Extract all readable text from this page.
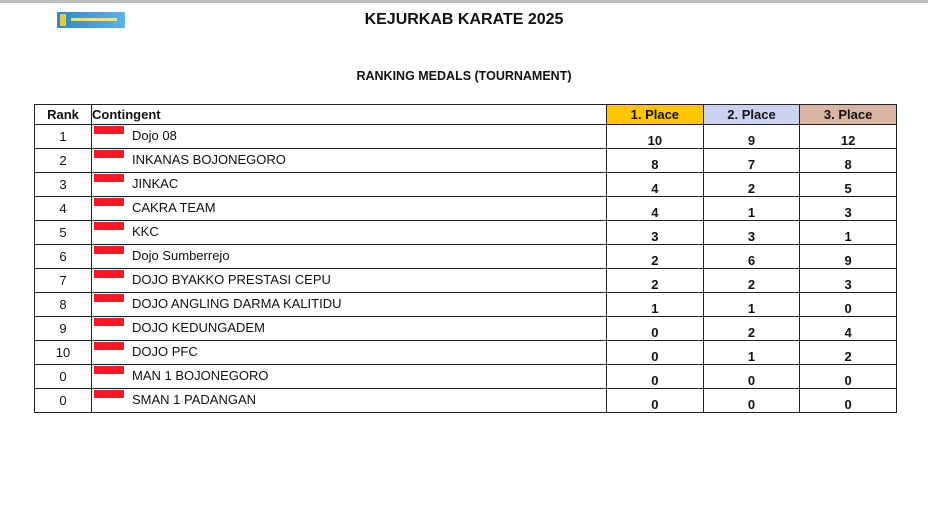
KEJURKAB KARATE 2025
RANKING MEDALS (TOURNAMENT)
Rank	Contingent	1. Place	2. Place	3. Place
1	Dojo 08	10	9	12
2	INKANAS BOJONEGORO	8	7	8
3	JINKAC	4	2	5
4	CAKRA TEAM	4	1	3
5	KKC	3	3	1
6	Dojo Sumberrejo	2	6	9
7	DOJO BYAKKO PRESTASI CEPU	2	2	3
8	DOJO ANGLING DARMA KALITIDU	1	1	0
9	DOJO KEDUNGADEM	0	2	4
10	DOJO PFC	0	1	2
0	MAN 1 BOJONEGORO	0	0	0
0	SMAN 1 PADANGAN	0	0	0
